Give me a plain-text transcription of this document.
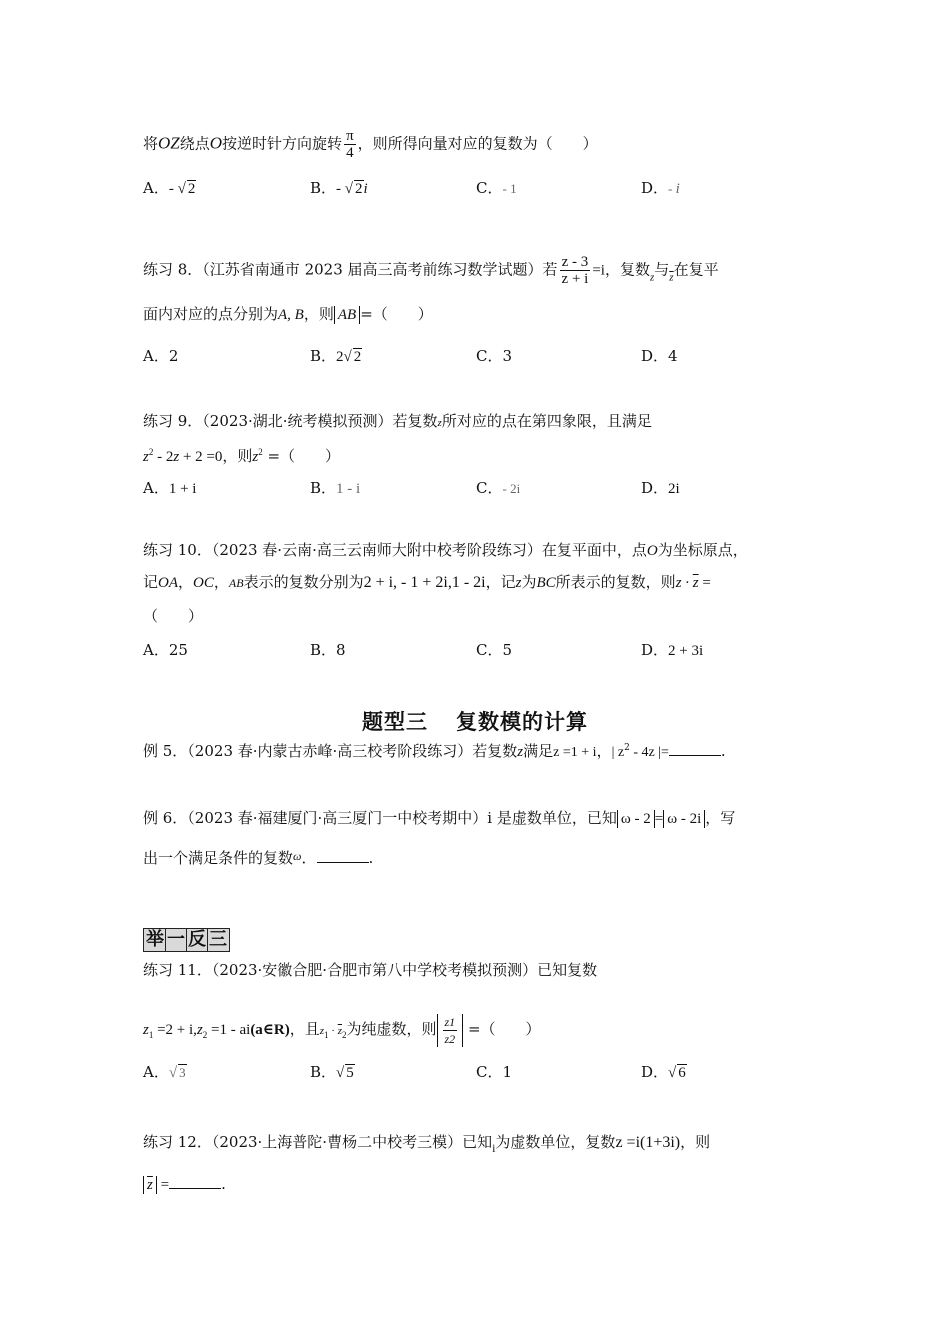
将OZ绕点O按逆时针方向旋转 $\frac{\pi}{4}$ ，则所得向量对应的复数为（　　）
A．- √ 2	B．- √ 2i	C．- 1	D．- i
练习 8．（江苏省南通市 2023 届高三高考前练习数学试题）若 $\frac{z - 3}{z + i} =i$，复数$_z$与$_{\overline{z}}$在复平
面内对应的点分别为A, B，则 AB =（　　）
A．2	B．2√ 2	C．3	D．4
练习 9．（2023·湖北·统考模拟预测）若复数z所对应的点在第四象限，且满足
$z^2 - 2z + 2 =0$，则$z^2$ =（　　）
A．1 + i	B．1 - i	C．- 2i	D．2i
练习 10．（2023 春·云南·高三云南师大附中校考阶段练习）在复平面中，点O为坐标原点，
记OA，OC，AB表示的复数分别为2 + i, - 1 + 2i,1 - 2i，记z为BC所表示的复数，则$z \cdot \overline{z}$ =
（　　）
A．25	B．8	C．5	D．2 + 3i
题型三 复数模的计算
例 5．（2023 春·内蒙古赤峰·高三校考阶段练习）若复数z满足z =1 + i，| $z^2 - 4z$ |=	.
例 6．（2023 春·福建厦门·高三厦门一中校考期中）i 是虚数单位，已知 ω - 2 = ω - 2i ，写
出一个满足条件的复数$^\omega$．	.
举 一 反 三
练习 11．（2023·安徽合肥·合肥市第八中学校考模拟预测）已知复数
$z_1 =2 + i,z_2 =1$ - ai(a∈R)，且$z_1 \cdot \overline{z}_2$为纯虚数，则 $\frac{z1}{z2}$ =（　　）
A．√ 3	B．√ 5	C．1	D．√ 6
练习 12．（2023·上海普陀·曹杨二中校考三模）已知$_i$为虚数单位，复数z =i(1+3i)，则
$\overline{z}$ =	.
